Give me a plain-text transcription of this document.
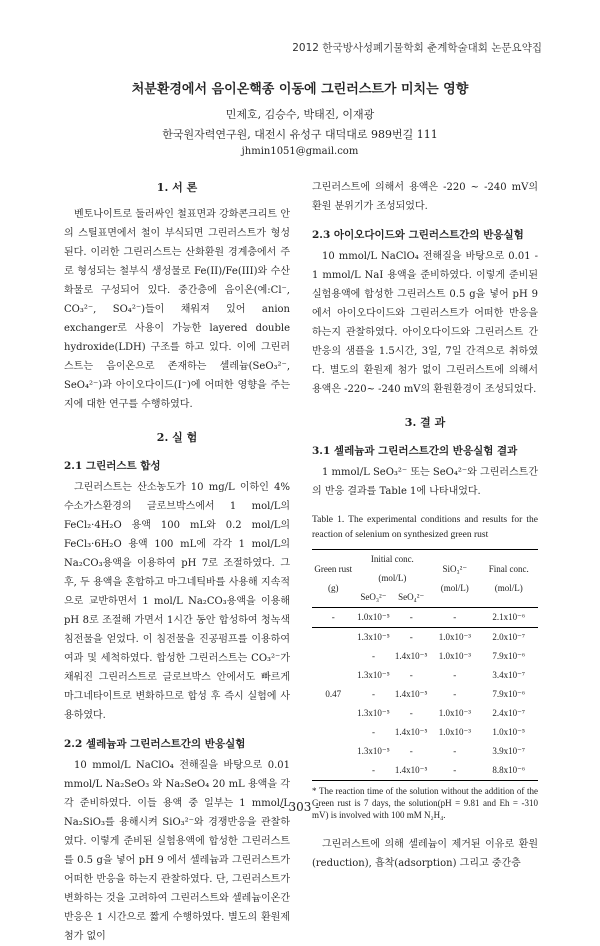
2012 한국방사성폐기물학회 춘계학술대회 논문요약집
처분환경에서 음이온핵종 이동에 그린러스트가 미치는 영향
민제호, 김승수, 박태진, 이재광
한국원자력연구원, 대전시 유성구 대덕대로 989번길 111
jhmin1051@gmail.com
1. 서 론

벤토나이트로 둘러싸인 철표면과 강화콘크리트 안의 스틸표면에서 철이 부식되면 그린러스트가 형성된다. 이러한 그린러스트는 산화환원 경계층에서 주로 형성되는 철부식 생성물로 Fe(II)/Fe(III)와 수산화물로 구성되어 있다. 중간층에 음이온(예:Cl⁻, CO₃²⁻, SO₄²⁻)들이 채워져 있어 anion exchanger로 사용이 가능한 layered double hydroxide(LDH) 구조를 하고 있다. 이에 그린러스트는 음이온으로 존재하는 셀레늄(SeO₃²⁻, SeO₄²⁻)과 아이오다이드(I⁻)에 어떠한 영향을 주는지에 대한 연구를 수행하였다.

2. 실 험
2.1 그린러스트 합성

그린러스트는 산소농도가 10 mg/L 이하인 4% 수소가스환경의 글로브박스에서 1 mol/L의 FeCl₂·4H₂O 용액 100 mL와 0.2 mol/L의 FeCl₃·6H₂O 용액 100 mL에 각각 1 mol/L의 Na₂CO₃용액을 이용하여 pH 7로 조절하였다. 그 후, 두 용액을 혼합하고 마그네틱바를 사용해 지속적으로 교반하면서 1 mol/L Na₂CO₃용액을 이용해 pH 8로 조절해 가면서 1시간 동안 합성하여 청녹색 침전물을 얻었다. 이 침전물을 진공펌프를 이용하여 여과 및 세척하였다. 합성한 그린러스트는 CO₃²⁻가 채워진 그린러스트로 글로브박스 안에서도 빠르게 마그네타이트로 변화하므로 합성 후 즉시 실험에 사용하였다.

2.2 셀레늄과 그린러스트간의 반응실험

10 mmol/L NaClO₄ 전해질을 바탕으로 0.01 mmol/L Na₂SeO₃ 와 Na₂SeO₄ 20 mL 용액을 각각 준비하였다. 이들 용액 중 일부는 1 mmol/L Na₂SiO₃를 용해시켜 SiO₃²⁻와 경쟁반응을 관찰하였다. 이렇게 준비된 실험용액에 합성한 그린러스트를 0.5 g을 넣어 pH 9 에서 셀레늄과 그린러스트가 어떠한 반응을 하는지 관찰하였다. 단, 그린러스트가 변화하는 것을 고려하여 그린러스트와 셀레늄이온간 반응은 1 시간으로 짧게 수행하였다. 별도의 환원제 첨가 없이

그린러스트에 의해서 용액은 -220 ~ -240 mV의 환원 분위기가 조성되었다.

2.3 아이오다이드와 그린러스트간의 반응실험

10 mmol/L NaClO₄ 전해질을 바탕으로 0.01 - 1 mmol/L NaI 용액을 준비하였다. 이렇게 준비된 실험용액에 합성한 그린러스트 0.5 g을 넣어 pH 9에서 아이오다이드와 그린러스트가 어떠한 반응을 하는지 관찰하였다. 아이오다이드와 그린러스트 간 반응의 샘플을 1.5시간, 3일, 7일 간격으로 취하였다. 별도의 환원제 첨가 없이 그린러스트에 의해서 용액은 -220~ -240 mV의 환원환경이 조성되었다.

3. 결 과
3.1 셀레늄과 그린러스트간의 반응실험 결과

1 mmol/L SeO₃²⁻ 또는 SeO₄²⁻와 그린러스트간의 반응 결과를 Table 1에 나타내었다.

Table 1. The experimental conditions and results for the reaction of selenium on synthesized green rust

Green rust (g)	Initial conc. (mol/L)		SiO₃²⁻ (mol/L)	Final conc. (mol/L)
	SeO₃²⁻	SeO₄²⁻		
-	1.0x10⁻⁵	-	-	2.1x10⁻⁶
	1.3x10⁻⁵	-	1.0x10⁻³	2.0x10⁻⁷
	-	1.4x10⁻⁵	1.0x10⁻³	7.9x10⁻⁶
	1.3x10⁻⁵	-	-	3.4x10⁻⁷
0.47	-	1.4x10⁻⁵	-	7.9x10⁻⁶
	1.3x10⁻⁵	-	1.0x10⁻³	2.4x10⁻⁷
	-	1.4x10⁻⁵	1.0x10⁻³	1.0x10⁻⁵
	1.3x10⁻⁵	-	-	3.9x10⁻⁷
	-	1.4x10⁻⁵	-	8.8x10⁻⁶

* The reaction time of the solution without the addition of the Green rust is 7 days, the solution(pH = 9.81 and Eh = -310 mV) is involved with 100 mM N₂H₄.

그린러스트에 의해 셀레늄이 제거된 이유로 환원(reduction), 흡착(adsorption) 그리고 중간층

- 303 -
